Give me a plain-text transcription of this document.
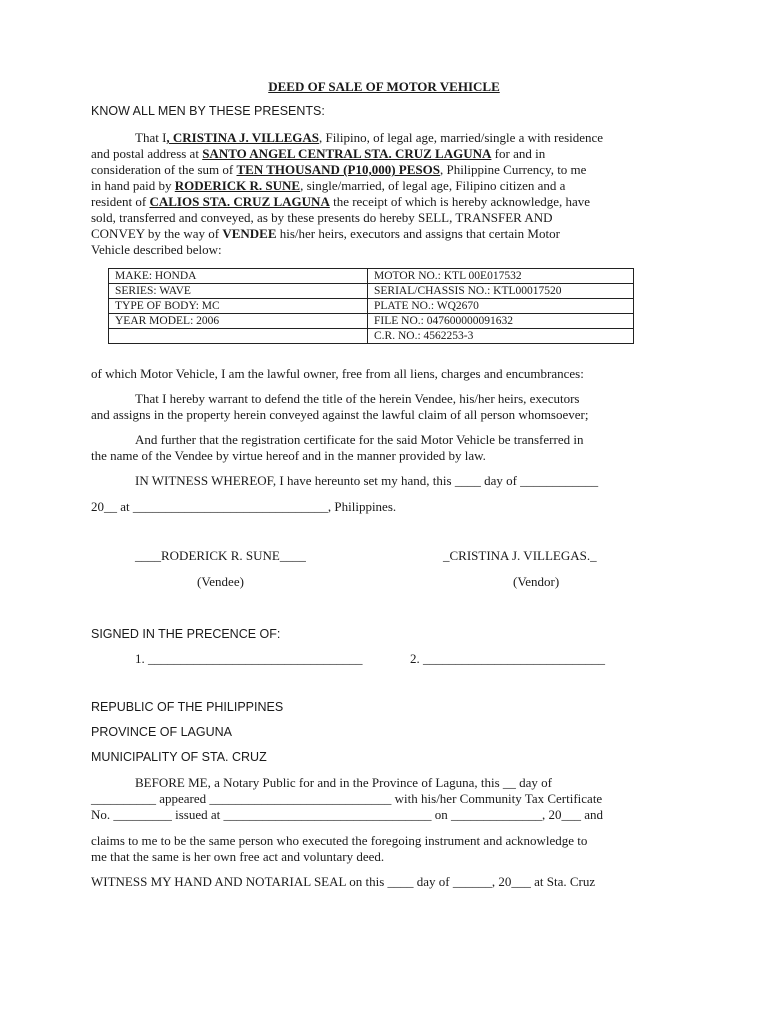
DEED OF SALE OF MOTOR VEHICLE
KNOW ALL MEN BY THESE PRESENTS:
That I, CRISTINA J. VILLEGAS, Filipino, of legal age, married/single a with residence
and postal address at SANTO ANGEL CENTRAL STA. CRUZ LAGUNA for and in
consideration of the sum of TEN THOUSAND (P10,000) PESOS, Philippine Currency, to me
in hand paid by RODERICK R. SUNE, single/married, of legal age, Filipino citizen and a
resident of CALIOS STA. CRUZ LAGUNA the receipt of which is hereby acknowledge, have
sold, transferred and conveyed, as by these presents do hereby SELL, TRANSFER AND
CONVEY by the way of VENDEE his/her heirs, executors and assigns that certain Motor
Vehicle described below:
MAKE: HONDA	MOTOR NO.: KTL 00E017532
SERIES: WAVE	SERIAL/CHASSIS NO.: KTL00017520
TYPE OF BODY: MC	PLATE NO.: WQ2670
YEAR MODEL: 2006	FILE NO.: 047600000091632
	C.R. NO.: 4562253-3
of which Motor Vehicle, I am the lawful owner, free from all liens, charges and encumbrances:
That I hereby warrant to defend the title of the herein Vendee, his/her heirs, executors
and assigns in the property herein conveyed against the lawful claim of all person whomsoever;
And further that the registration certificate for the said Motor Vehicle be transferred in
the name of the Vendee by virtue hereof and in the manner provided by law.
IN WITNESS WHEREOF, I have hereunto set my hand, this ____ day of ____________
20__ at ______________________________, Philippines.
____RODERICK R. SUNE____
(Vendee)
_CRISTINA J. VILLEGAS._
(Vendor)
SIGNED IN THE PRECENCE OF:
1. _________________________________	2. ____________________________
REPUBLIC OF THE PHILIPPINES
PROVINCE OF LAGUNA
MUNICIPALITY OF STA. CRUZ
BEFORE ME, a Notary Public for and in the Province of Laguna, this __ day of
__________ appeared ____________________________ with his/her Community Tax Certificate
No. _________ issued at ________________________________ on ______________, 20___ and
claims to me to be the same person who executed the foregoing instrument and acknowledge to
me that the same is her own free act and voluntary deed.
WITNESS MY HAND AND NOTARIAL SEAL on this ____ day of ______, 20___ at Sta. Cruz
